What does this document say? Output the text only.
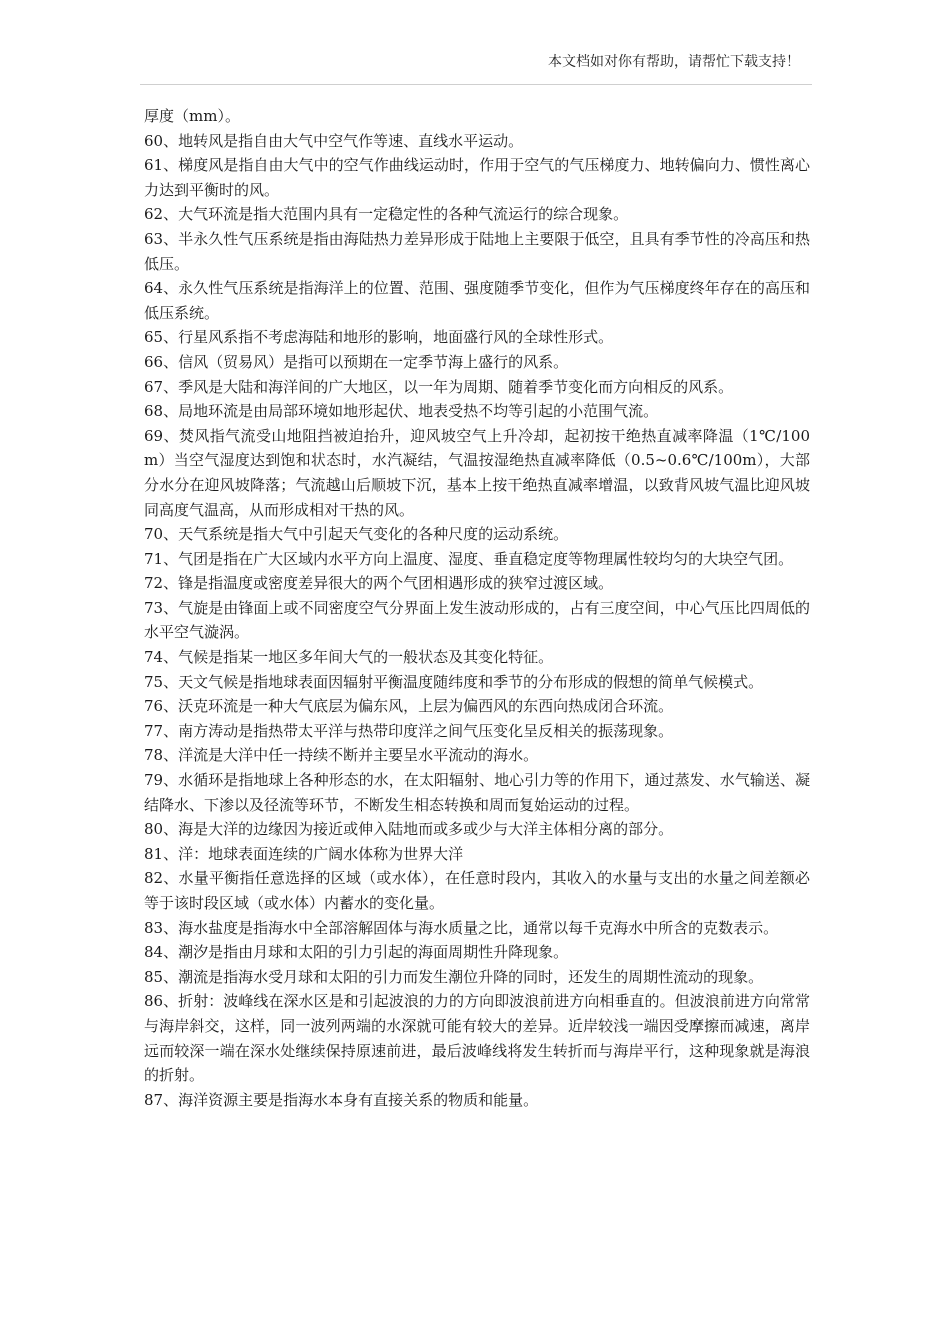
本文档如对你有帮助，请帮忙下载支持！

厚度（mm）。

60、地转风是指自由大气中空气作等速、直线水平运动。

61、梯度风是指自由大气中的空气作曲线运动时，作用于空气的气压梯度力、地转偏向力、惯性离心力达到平衡时的风。

62、大气环流是指大范围内具有一定稳定性的各种气流运行的综合现象。

63、半永久性气压系统是指由海陆热力差异形成于陆地上主要限于低空，且具有季节性的冷高压和热低压。

64、永久性气压系统是指海洋上的位置、范围、强度随季节变化，但作为气压梯度终年存在的高压和低压系统。

65、行星风系指不考虑海陆和地形的影响，地面盛行风的全球性形式。

66、信风（贸易风）是指可以预期在一定季节海上盛行的风系。

67、季风是大陆和海洋间的广大地区，以一年为周期、随着季节变化而方向相反的风系。

68、局地环流是由局部环境如地形起伏、地表受热不均等引起的小范围气流。

69、焚风指气流受山地阻挡被迫抬升，迎风坡空气上升冷却，起初按干绝热直减率降温（1℃/100m）当空气湿度达到饱和状态时，水汽凝结，气温按湿绝热直减率降低（0.5~0.6℃/100m），大部分水分在迎风坡降落；气流越山后顺坡下沉，基本上按干绝热直减率增温，以致背风坡气温比迎风坡同高度气温高，从而形成相对干热的风。

70、天气系统是指大气中引起天气变化的各种尺度的运动系统。

71、气团是指在广大区域内水平方向上温度、湿度、垂直稳定度等物理属性较均匀的大块空气团。

72、锋是指温度或密度差异很大的两个气团相遇形成的狭窄过渡区域。

73、气旋是由锋面上或不同密度空气分界面上发生波动形成的，占有三度空间，中心气压比四周低的水平空气漩涡。

74、气候是指某一地区多年间大气的一般状态及其变化特征。

75、天文气候是指地球表面因辐射平衡温度随纬度和季节的分布形成的假想的简单气候模式。

76、沃克环流是一种大气底层为偏东风，上层为偏西风的东西向热成闭合环流。

77、南方涛动是指热带太平洋与热带印度洋之间气压变化呈反相关的振荡现象。

78、洋流是大洋中任一持续不断并主要呈水平流动的海水。

79、水循环是指地球上各种形态的水，在太阳辐射、地心引力等的作用下，通过蒸发、水气输送、凝结降水、下渗以及径流等环节，不断发生相态转换和周而复始运动的过程。

80、海是大洋的边缘因为接近或伸入陆地而或多或少与大洋主体相分离的部分。

81、洋：地球表面连续的广阔水体称为世界大洋

82、水量平衡指任意选择的区域（或水体），在任意时段内，其收入的水量与支出的水量之间差额必等于该时段区域（或水体）内蓄水的变化量。

83、海水盐度是指海水中全部溶解固体与海水质量之比，通常以每千克海水中所含的克数表示。

84、潮汐是指由月球和太阳的引力引起的海面周期性升降现象。

85、潮流是指海水受月球和太阳的引力而发生潮位升降的同时，还发生的周期性流动的现象。

86、折射：波峰线在深水区是和引起波浪的力的方向即波浪前进方向相垂直的。但波浪前进方向常常与海岸斜交，这样，同一波列两端的水深就可能有较大的差异。近岸较浅一端因受摩擦而减速，离岸远而较深一端在深水处继续保持原速前进，最后波峰线将发生转折而与海岸平行，这种现象就是海浪的折射。

87、海洋资源主要是指海水本身有直接关系的物质和能量。
